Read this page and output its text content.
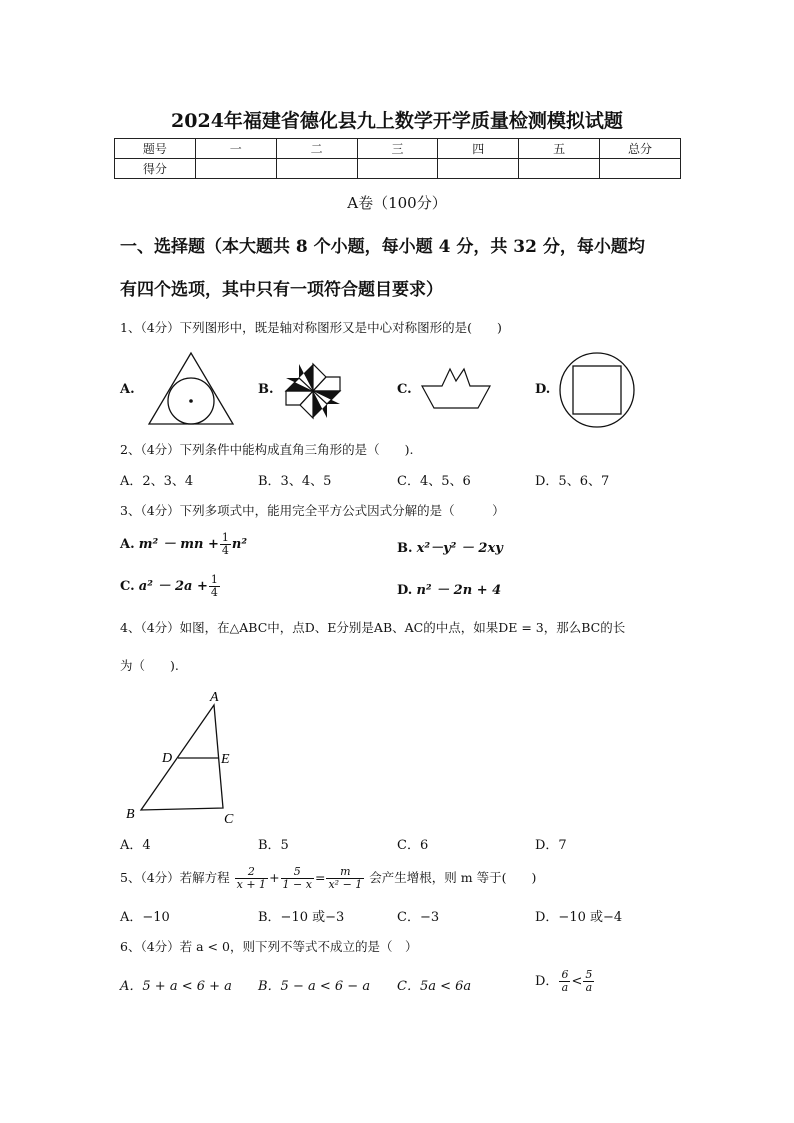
2024年福建省德化县九上数学开学质量检测模拟试题
题号	一	二	三	四	五	总分
得分						
A卷（100分）
一、选择题（本大题共 8 个小题，每小题 4 分，共 32 分，每小题均
有四个选项，其中只有一项符合题目要求）
1、（4分）下列图形中，既是轴对称图形又是中心对称图形的是(　　)
A.	B.	C.	D.
2、（4分）下列条件中能构成直角三角形的是（　　).
A．2、3、4	B．3、4、5	C．4、5、6	D．5、6、7
3、（4分）下列多项式中，能用完全平方公式因式分解的是（　　　）
A. m² － mn + $\frac{1}{4} n^2$	B. x²－y² － 2xy
C. $a^2 - 2a + \frac{1}{4}$	D. n² － 2n + 4
4、（4分）如图，在△ABC中，点D、E分别是AB、AC的中点，如果DE = 3，那么BC的长
为（　　).
A
B	C
D	E
A．4	B．5	C．6	D．7
5、（4分）若解方程 $\frac{2}{x + 1} + \frac{5}{1 - x} = \frac{m}{\text{x² − 1}}$ 会产生增根，则 m 等于(　　)
A．−10	B．−10 或−3	C．−3	D．−10 或−4
6、（4分）若 a < 0，则下列不等式不成立的是（　）
A．5 + a < 6 + a B．5 − a < 6 − a C．5a < 6a	D． $\frac{6}{a} < \frac{5}{a}$
